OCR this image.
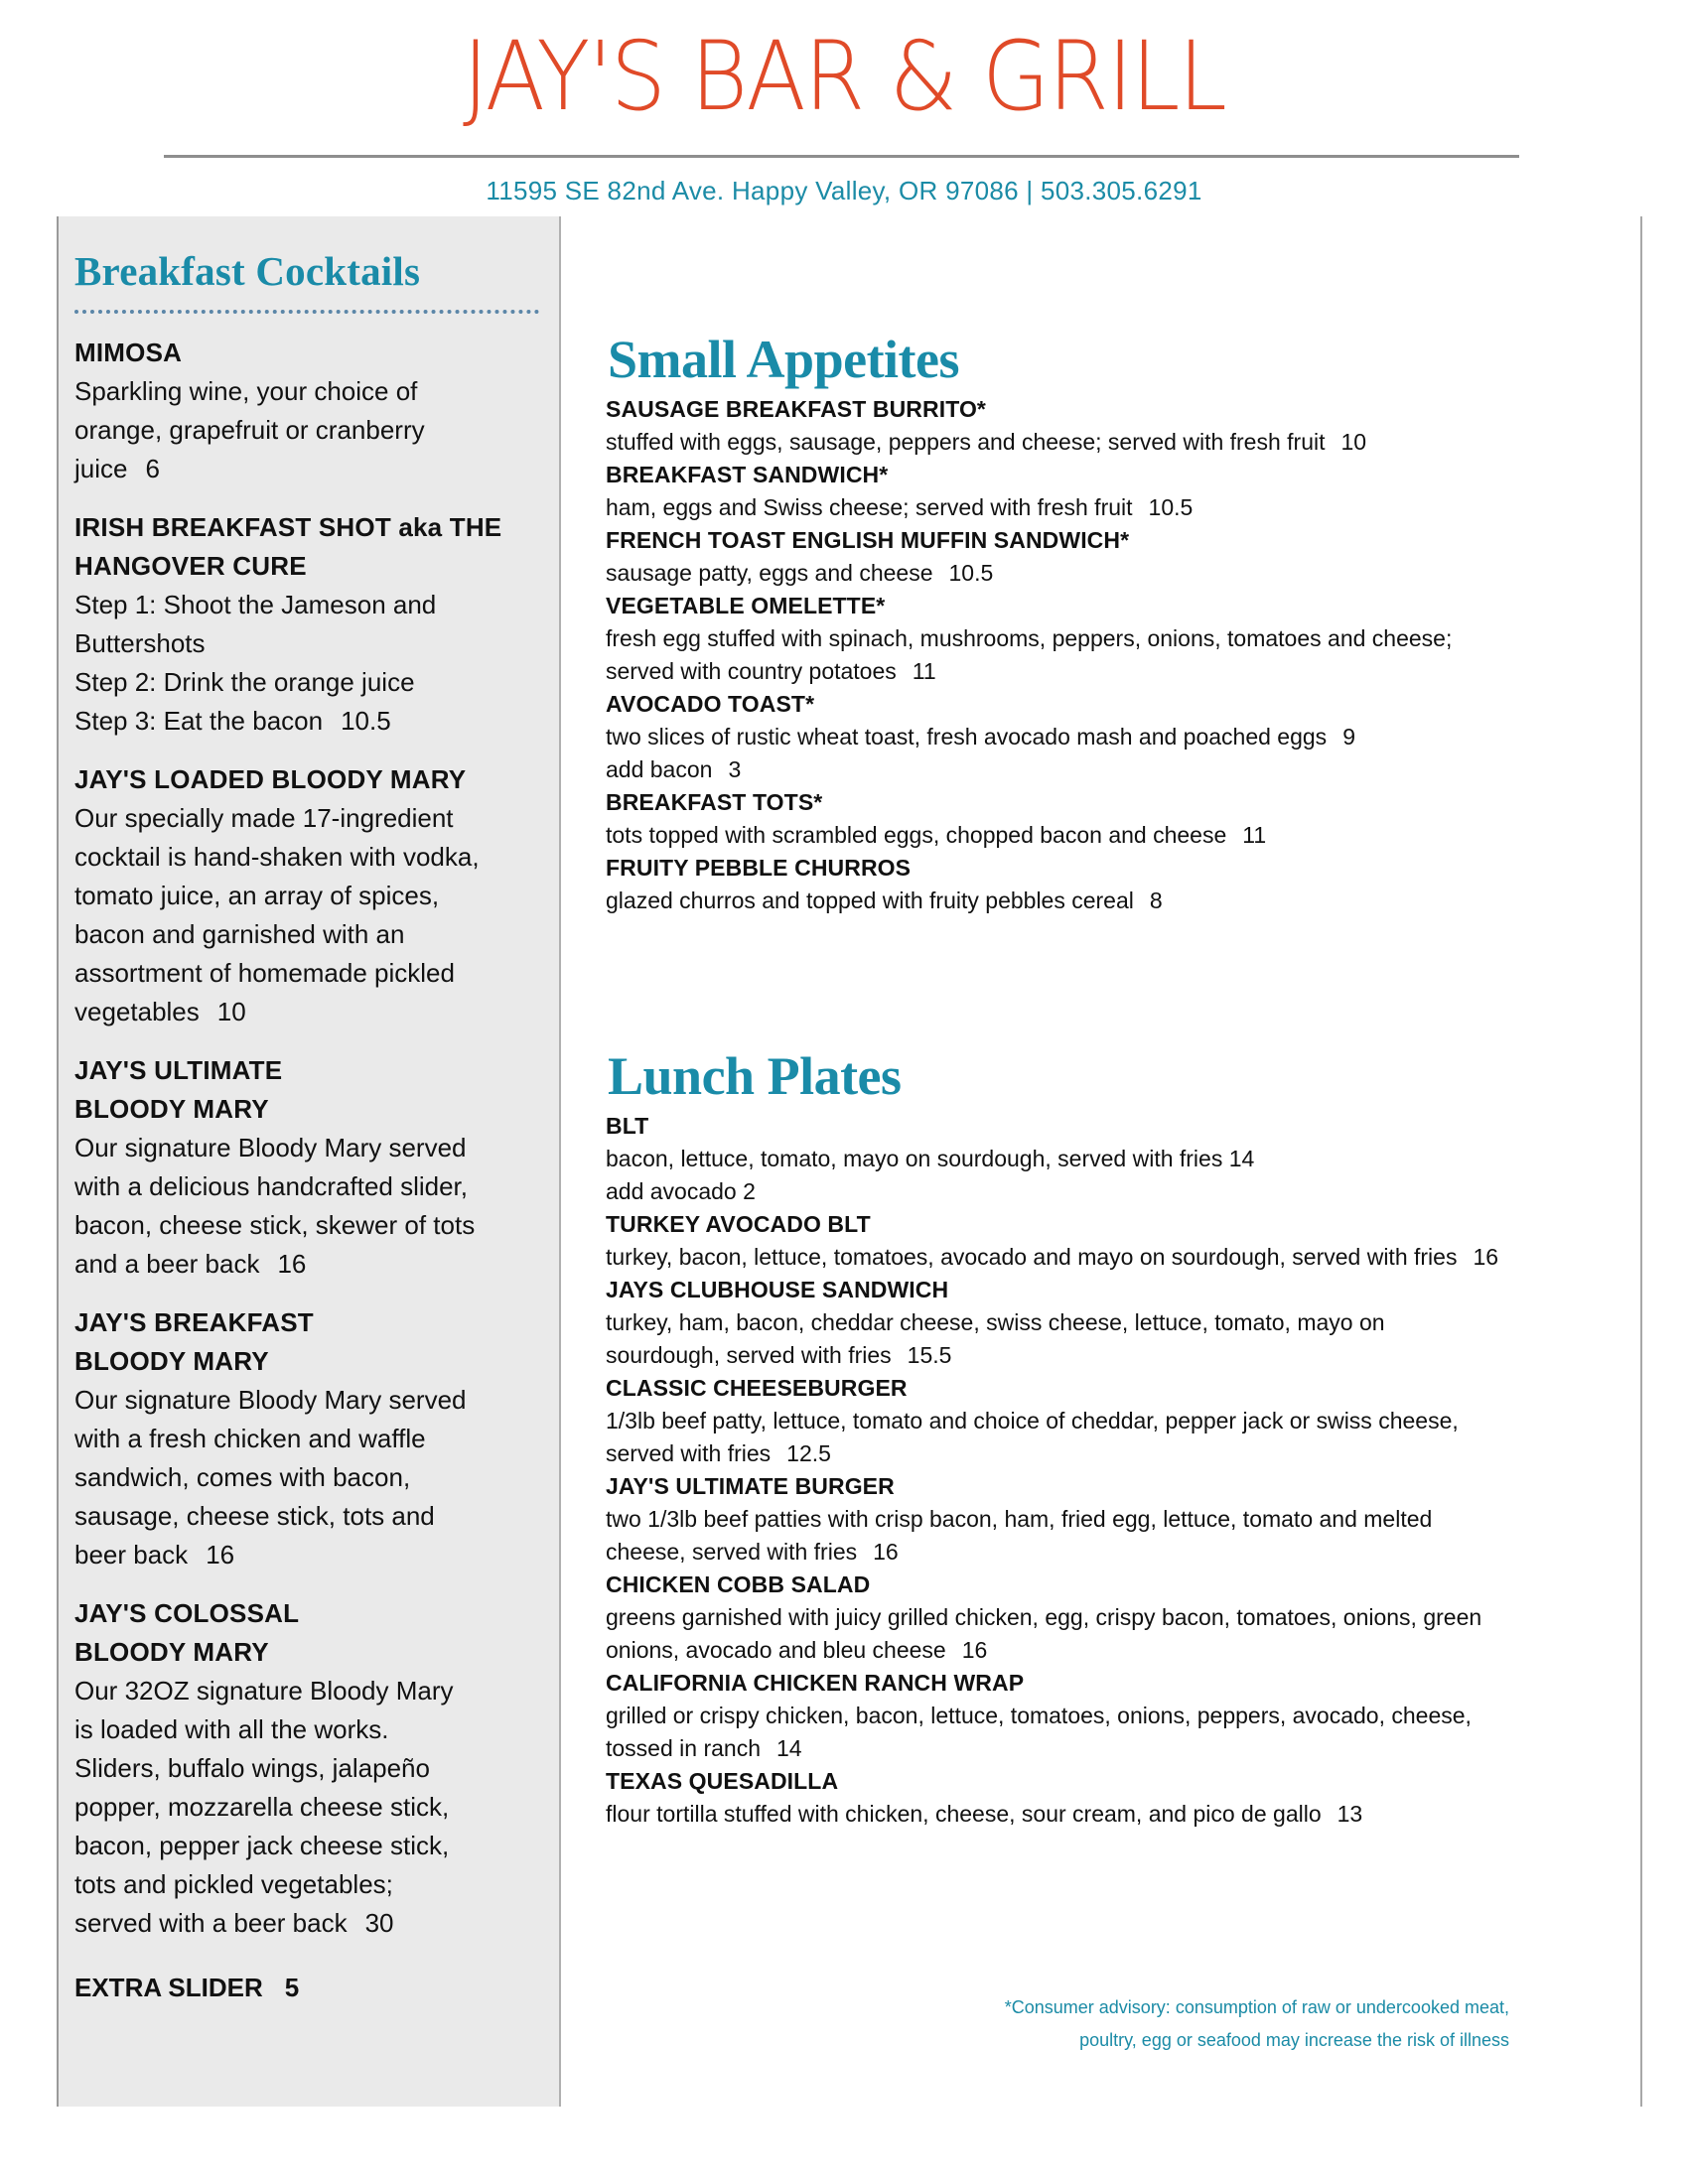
JAY'S BAR & GRILL
11595 SE 82nd Ave. Happy Valley, OR 97086 | 503.305.6291
Breakfast Cocktails
MIMOSA
Sparkling wine, your choice of
orange, grapefruit or cranberry
juice 6
IRISH BREAKFAST SHOT aka THE HANGOVER CURE
Step 1: Shoot the Jameson and
Buttershots
Step 2: Drink the orange juice
Step 3: Eat the bacon 10.5
JAY'S LOADED BLOODY MARY
Our specially made 17-ingredient
cocktail is hand-shaken with vodka,
tomato juice, an array of spices,
bacon and garnished with an
assortment of homemade pickled
vegetables 10
JAY'S ULTIMATE
BLOODY MARY
Our signature Bloody Mary served
with a delicious handcrafted slider,
bacon, cheese stick, skewer of tots
and a beer back 16
JAY'S BREAKFAST
BLOODY MARY
Our signature Bloody Mary served
with a fresh chicken and waffle
sandwich, comes with bacon,
sausage, cheese stick, tots and
beer back 16
JAY'S COLOSSAL
BLOODY MARY
Our 32OZ signature Bloody Mary
is loaded with all the works.
Sliders, buffalo wings, jalapeño
popper, mozzarella cheese stick,
bacon, pepper jack cheese stick,
tots and pickled vegetables;
served with a beer back 30
EXTRA SLIDER 5
Small Appetites
SAUSAGE BREAKFAST BURRITO*
stuffed with eggs, sausage, peppers and cheese; served with fresh fruit 10
BREAKFAST SANDWICH*
ham, eggs and Swiss cheese; served with fresh fruit 10.5
FRENCH TOAST ENGLISH MUFFIN SANDWICH*
sausage patty, eggs and cheese 10.5
VEGETABLE OMELETTE*
fresh egg stuffed with spinach, mushrooms, peppers, onions, tomatoes and cheese; served with country potatoes 11
AVOCADO TOAST*
two slices of rustic wheat toast, fresh avocado mash and poached eggs 9
add bacon 3
BREAKFAST TOTS*
tots topped with scrambled eggs, chopped bacon and cheese 11
FRUITY PEBBLE CHURROS
glazed churros and topped with fruity pebbles cereal 8
Lunch Plates
BLT
bacon, lettuce, tomato, mayo on sourdough, served with fries 14
add avocado 2
TURKEY AVOCADO BLT
turkey, bacon, lettuce, tomatoes, avocado and mayo on sourdough, served with fries 16
JAYS CLUBHOUSE SANDWICH
turkey, ham, bacon, cheddar cheese, swiss cheese, lettuce, tomato, mayo on sourdough, served with fries 15.5
CLASSIC CHEESEBURGER
1/3lb beef patty, lettuce, tomato and choice of cheddar, pepper jack or swiss cheese, served with fries 12.5
JAY'S ULTIMATE BURGER
two 1/3lb beef patties with crisp bacon, ham, fried egg, lettuce, tomato and melted cheese, served with fries 16
CHICKEN COBB SALAD
greens garnished with juicy grilled chicken, egg, crispy bacon, tomatoes, onions, green onions, avocado and bleu cheese 16
CALIFORNIA CHICKEN RANCH WRAP
grilled or crispy chicken, bacon, lettuce, tomatoes, onions, peppers, avocado, cheese, tossed in ranch 14
TEXAS QUESADILLA
flour tortilla stuffed with chicken, cheese, sour cream, and pico de gallo 13
*Consumer advisory: consumption of raw or undercooked meat,
poultry, egg or seafood may increase the risk of illness
